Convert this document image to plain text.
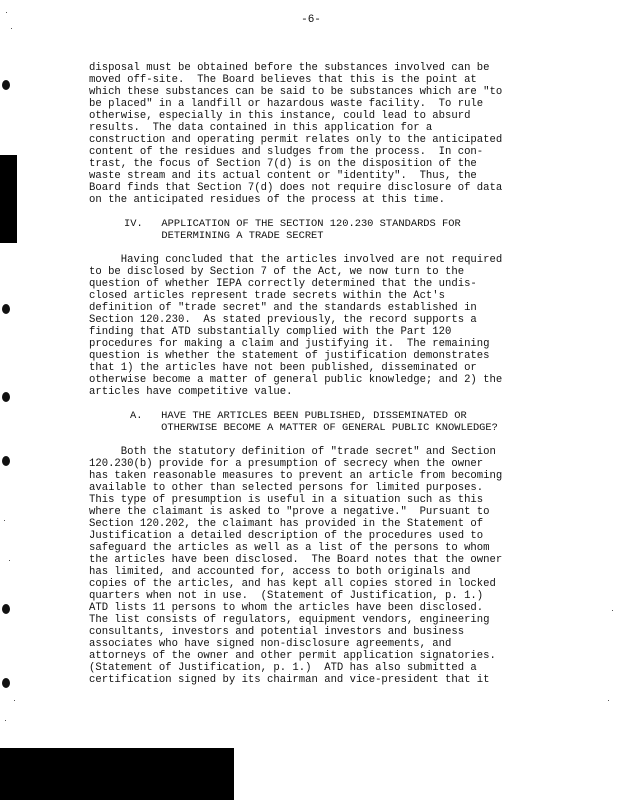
-6-
disposal must be obtained before the substances involved can be
moved off-site.  The Board believes that this is the point at
which these substances can be said to be substances which are "to
be placed" in a landfill or hazardous waste facility.  To rule
otherwise, especially in this instance, could lead to absurd
results.  The data contained in this application for a
construction and operating permit relates only to the anticipated
content of the residues and sludges from the process.  In con-
trast, the focus of Section 7(d) is on the disposition of the
waste stream and its actual content or "identity".  Thus, the
Board finds that Section 7(d) does not require disclosure of data
on the anticipated residues of the process at this time.
IV.   APPLICATION OF THE SECTION 120.230 STANDARDS FOR
DETERMINING A TRADE SECRET
Having concluded that the articles involved are not required
to be disclosed by Section 7 of the Act, we now turn to the
question of whether IEPA correctly determined that the undis-
closed articles represent trade secrets within the Act's
definition of "trade secret" and the standards established in
Section 120.230.  As stated previously, the record supports a
finding that ATD substantially complied with the Part 120
procedures for making a claim and justifying it.  The remaining
question is whether the statement of justification demonstrates
that 1) the articles have not been published, disseminated or
otherwise become a matter of general public knowledge; and 2) the
articles have competitive value.
A.   HAVE THE ARTICLES BEEN PUBLISHED, DISSEMINATED OR
OTHERWISE BECOME A MATTER OF GENERAL PUBLIC KNOWLEDGE?
Both the statutory definition of "trade secret" and Section
120.230(b) provide for a presumption of secrecy when the owner
has taken reasonable measures to prevent an article from becoming
available to other than selected persons for limited purposes.
This type of presumption is useful in a situation such as this
where the claimant is asked to "prove a negative."  Pursuant to
Section 120.202, the claimant has provided in the Statement of
Justification a detailed description of the procedures used to
safeguard the articles as well as a list of the persons to whom
the articles have been disclosed.  The Board notes that the owner
has limited, and accounted for, access to both originals and
copies of the articles, and has kept all copies stored in locked
quarters when not in use.  (Statement of Justification, p. 1.)
ATD lists 11 persons to whom the articles have been disclosed.
The list consists of regulators, equipment vendors, engineering
consultants, investors and potential investors and business
associates who have signed non-disclosure agreements, and
attorneys of the owner and other permit application signatories.
(Statement of Justification, p. 1.)  ATD has also submitted a
certification signed by its chairman and vice-president that it
